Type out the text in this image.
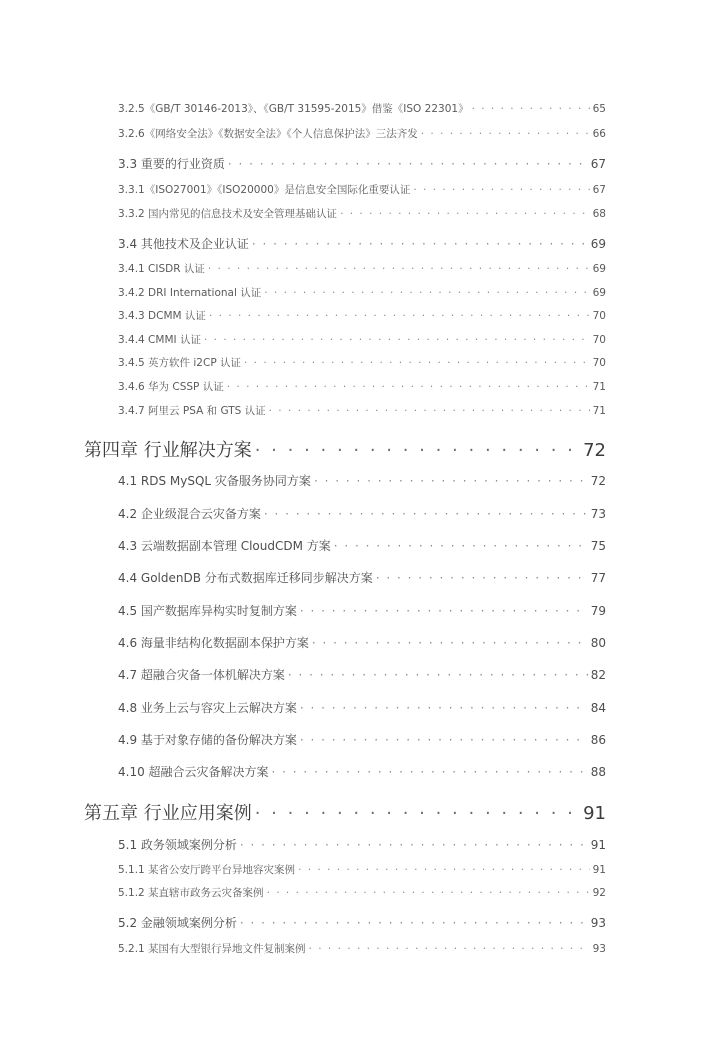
3.2.5《GB/T 30146-2013》、《GB/T 31595-2015》借鉴《ISO 22301》 · · ·	65
3.2.6《网络安全法》《数据安全法》《个人信息保护法》三法齐发 · · ·	66
3.3 重要的行业资质 · · ·	67
3.3.1《ISO27001》《ISO20000》是信息安全国际化重要认证 · · ·	67
3.3.2 国内常见的信息技术及安全管理基础认证 · · ·	68
3.4 其他技术及企业认证 · · ·	69
3.4.1 CISDR 认证 · · ·	69
3.4.2 DRI International 认证 · · ·	69
3.4.3 DCMM 认证 · · ·	70
3.4.4 CMMI 认证 · · ·	70
3.4.5 英方软件 i2CP 认证 · · ·	70
3.4.6 华为 CSSP 认证 · · ·	71
3.4.7 阿里云 PSA 和 GTS 认证 · · ·	71
第四章 行业解决方案 · · ·	72
4.1 RDS MySQL 灾备服务协同方案 · · ·	72
4.2 企业级混合云灾备方案 · · ·	73
4.3 云端数据副本管理 CloudCDM 方案 · · ·	75
4.4 GoldenDB 分布式数据库迁移同步解决方案 · · ·	77
4.5 国产数据库异构实时复制方案 · · ·	79
4.6 海量非结构化数据副本保护方案 · · ·	80
4.7 超融合灾备一体机解决方案 · · ·	82
4.8 业务上云与容灾上云解决方案 · · ·	84
4.9 基于对象存储的备份解决方案 · · ·	86
4.10 超融合云灾备解决方案 · · ·	88
第五章 行业应用案例 · · ·	91
5.1 政务领域案例分析 · · ·	91
5.1.1 某省公安厅跨平台异地容灾案例 · · ·	91
5.1.2 某直辖市政务云灾备案例 · · ·	92
5.2 金融领域案例分析 · · ·	93
5.2.1 某国有大型银行异地文件复制案例 · · ·	93
